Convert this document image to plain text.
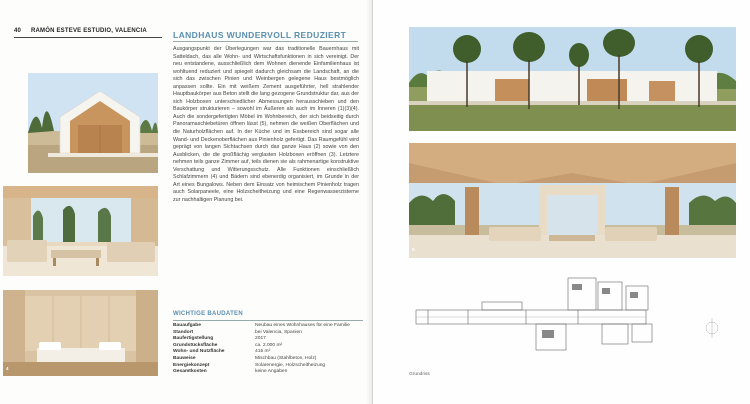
40 RAMÓN ESTEVE ESTUDIO, VALENCIA
4
LANDHAUS WUNDERVOLL REDUZIERT
Ausgangspunkt der Überlegungen war das traditionelle Bauernhaus mit Satteldach, das alle Wohn- und Wirtschaftsfunktionen in sich vereinigt. Der neu entstandene, ausschließlich dem Wohnen dienende Einfamilienhaus ist wohltuend reduziert und spiegelt dadurch gleichsam die Landschaft, an die sich das zwischen Pinien und Weinbergen gelegene Haus bestmöglich anpassen sollte. Ein mit weißem Zement ausgeführter, hell strahlender Hauptbaukörper aus Beton stellt die lang gezogene Grundstruktur dar, aus der sich Holzboxen unterschiedlicher Abmessungen herausschieben und den Baukörper strukturieren – sowohl im Äußeren als auch im Inneren (1)(3)(4). Auch die sondergefertigten Möbel im Wohnbereich, der sich beidseitig durch Panoramaschiebetüren öffnen lässt (5), nehmen die weißen Oberflächen und die Naturholzflächen auf. In der Küche und im Essbereich sind sogar alle Wand- und Deckenoberflächen aus Pinienholz gefertigt. Das Raumgefühl wird geprägt von langen Sichtachsen durch das ganze Haus (2) sowie von den Ausblicken, die die großflächig verglasten Holzboxen eröffnen (3). Letztere nehmen teils ganze Zimmer auf, teils dienen sie als rahmenartige konstruktive Verschattung und Witterungsschutz. Alle Funktionen einschließlich Schlafzimmern (4) und Bädern sind ebenerdig organisiert, im Grunde in der Art eines Bungalows. Neben dem Einsatz von heimischem Pinienholz tragen auch Solarpaneele, eine Holzscheitheizung und eine Regenwasserzisterne zur nachhaltigen Planung bei.
WICHTIGE BAUDATEN
Bauaufgabe	Neubau eines Wohnhauses für eine Familie
Standort	bei Valencia, Spanien
Baufertigstellung	2017
Grundstücksfläche	ca. 2.000 m²
Wohn- und Nutzfläche	415 m²
Bauweise	Mischbau (Stahlbeton, Holz)
Energiekonzept	Solarenergie, Holzscheitheizung
Gesamtkosten	keine Angaben
5
Grundriss
